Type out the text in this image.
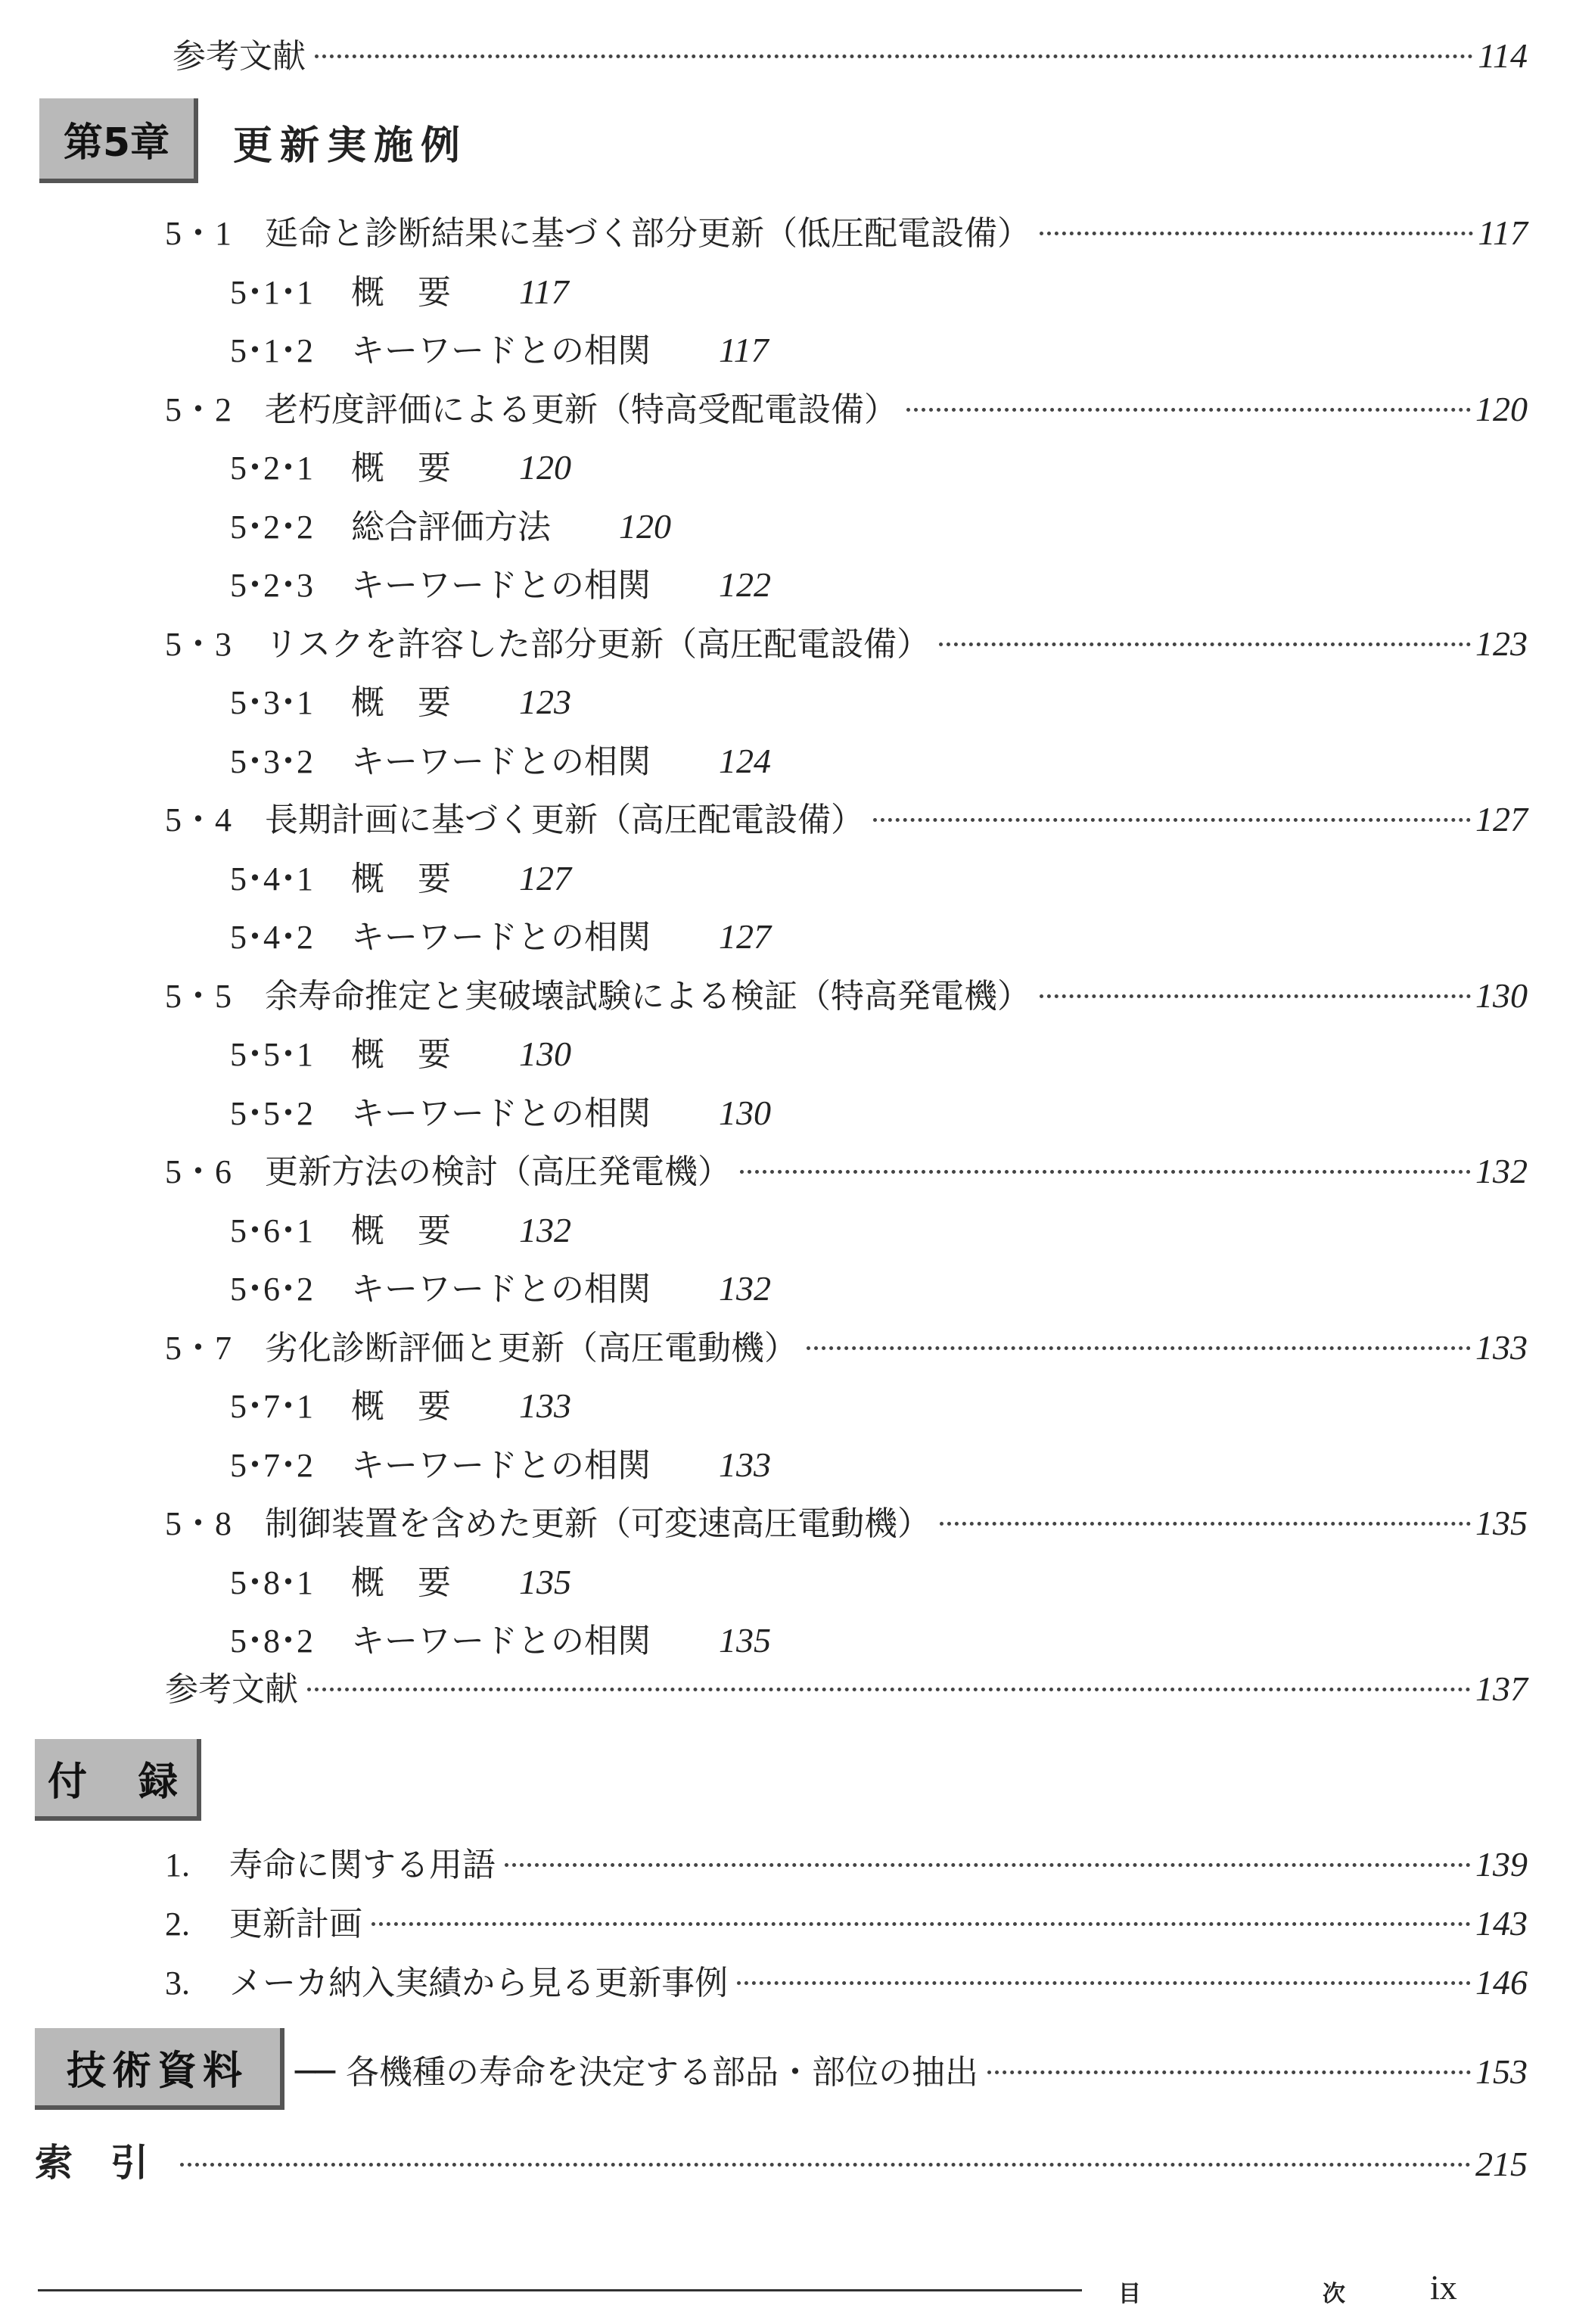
参考文献	114
第5章 更新実施例
5・1 延命と診断結果に基づく部分更新（低圧配電設備）	117
5･1･1 概　要 117
5･1･2 キーワードとの相関 117
5・2 老朽度評価による更新（特高受配電設備）	120
5･2･1 概　要 120
5･2･2 総合評価方法 120
5･2･3 キーワードとの相関 122
5・3 リスクを許容した部分更新（高圧配電設備）	123
5･3･1 概　要 123
5･3･2 キーワードとの相関 124
5・4 長期計画に基づく更新（高圧配電設備）	127
5･4･1 概　要 127
5･4･2 キーワードとの相関 127
5・5 余寿命推定と実破壊試験による検証（特高発電機）	130
5･5･1 概　要 130
5･5･2 キーワードとの相関 130
5・6 更新方法の検討（高圧発電機）	132
5･6･1 概　要 132
5･6･2 キーワードとの相関 132
5・7 劣化診断評価と更新（高圧電動機）	133
5･7･1 概　要 133
5･7･2 キーワードとの相関 133
5・8 制御装置を含めた更新（可変速高圧電動機）	135
5･8･1 概　要 135
5･8･2 キーワードとの相関 135
参考文献	137
付　録
1. 寿命に関する用語	139
2. 更新計画	143
3. メーカ納入実績から見る更新事例	146
技術資料 ── 各機種の寿命を決定する部品・部位の抽出	153
索　引	215
目	次 ix
